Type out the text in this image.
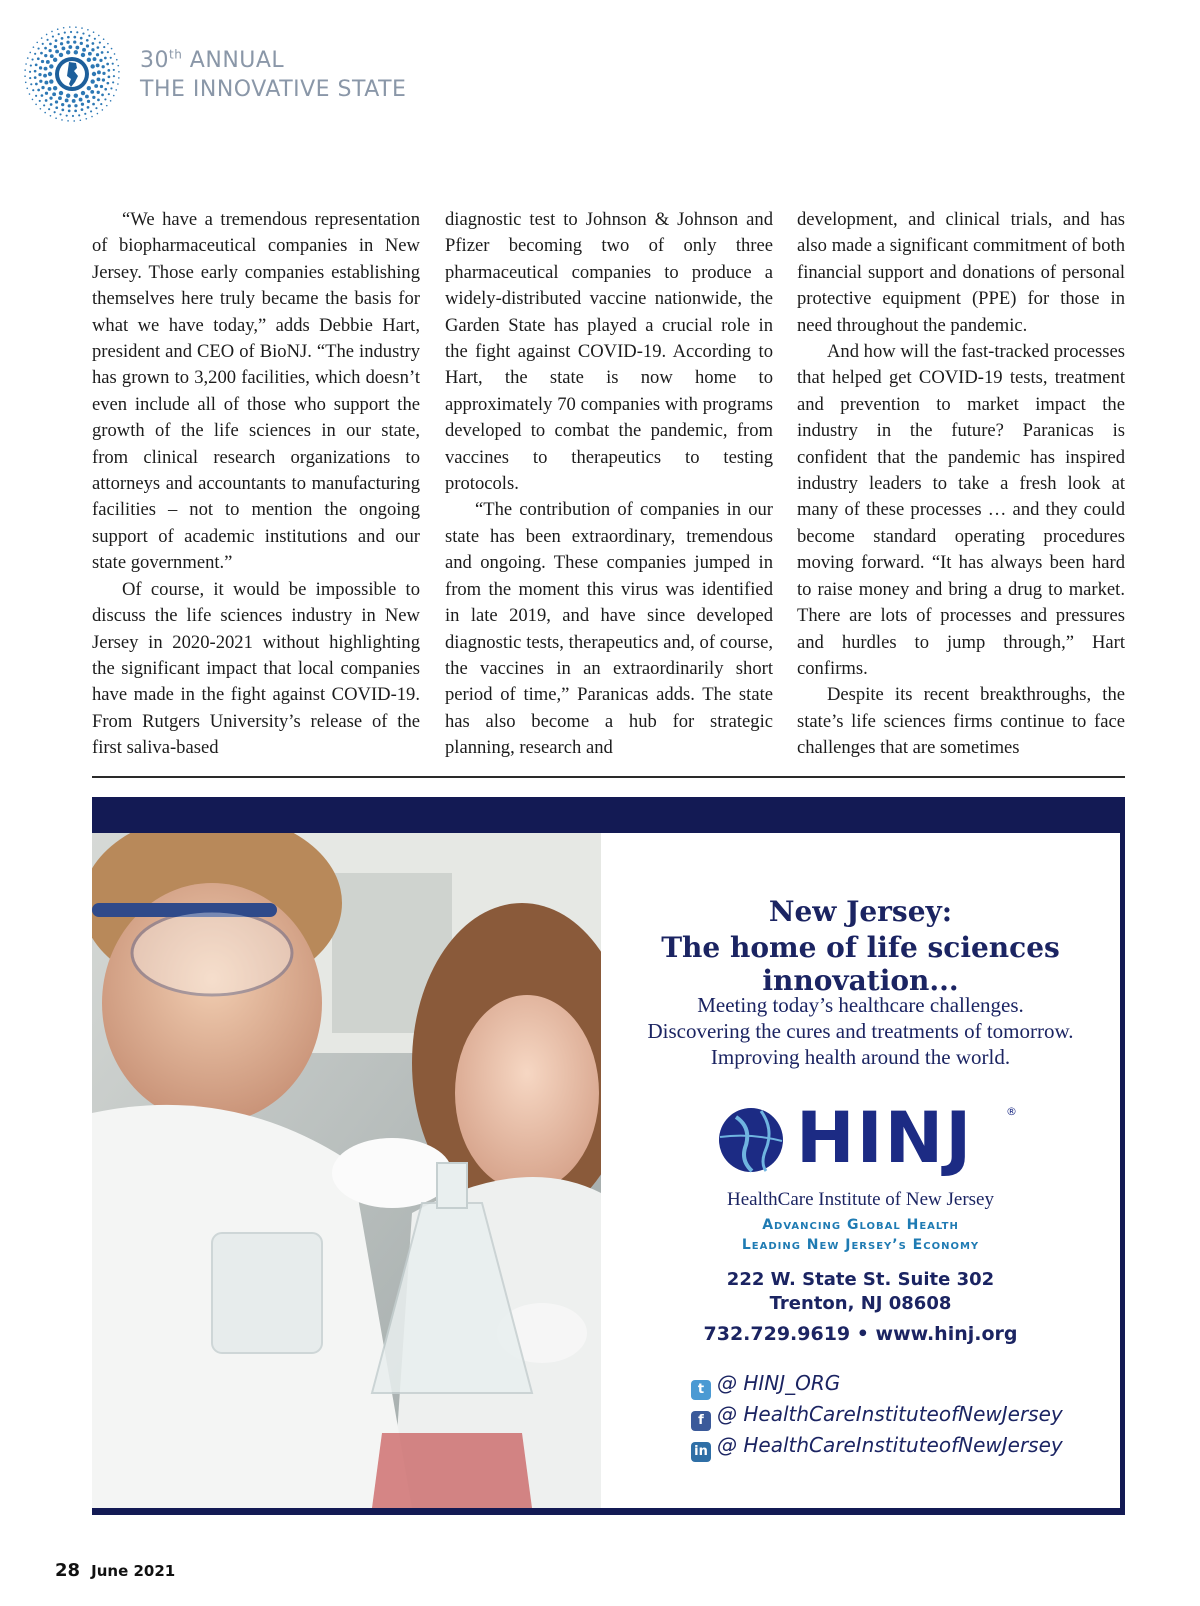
30th ANNUAL
THE INNOVATIVE STATE

“We have a tremendous representation of biopharmaceutical companies in New Jersey. Those early companies establishing themselves here truly became the basis for what we have today,” adds Debbie Hart, president and CEO of BioNJ. “The industry has grown to 3,200 facilities, which doesn’t even include all of those who support the growth of the life sciences in our state, from clinical research organizations to attorneys and accountants to manufacturing facilities – not to mention the ongoing support of academic institutions and our state government.”

Of course, it would be impossible to discuss the life sciences industry in New Jersey in 2020-2021 without highlighting the significant impact that local companies have made in the fight against COVID-19. From Rutgers University’s release of the first saliva-based

diagnostic test to Johnson & Johnson and Pfizer becoming two of only three pharmaceutical companies to produce a widely-distributed vaccine nationwide, the Garden State has played a crucial role in the fight against COVID-19. According to Hart, the state is now home to approximately 70 companies with programs developed to combat the pandemic, from vaccines to therapeutics to testing protocols.

“The contribution of companies in our state has been extraordinary, tremendous and ongoing. These companies jumped in from the moment this virus was identified in late 2019, and have since developed diagnostic tests, therapeutics and, of course, the vaccines in an extraordinarily short period of time,” Paranicas adds. The state has also become a hub for strategic planning, research and

development, and clinical trials, and has also made a significant commitment of both financial support and donations of personal protective equipment (PPE) for those in need throughout the pandemic.

And how will the fast-tracked processes that helped get COVID-19 tests, treatment and prevention to market impact the industry in the future? Paranicas is confident that the pandemic has inspired industry leaders to take a fresh look at many of these processes … and they could become standard operating procedures moving forward. “It has always been hard to raise money and bring a drug to market. There are lots of processes and pressures and hurdles to jump through,” Hart confirms.

Despite its recent breakthroughs, the state’s life sciences firms continue to face challenges that are sometimes

New Jersey:
The home of life sciences innovation...
Meeting today’s healthcare challenges.
Discovering the cures and treatments of tomorrow.
Improving health around the world.
HINJ	®
HealthCare Institute of New Jersey
Advancing Global Health
Leading New Jersey’s Economy
222 W. State St. Suite 302
Trenton, NJ 08608
732.729.9619 • www.hinj.org
t @ HINJ_ORG
f @ HealthCareInstituteofNewJersey
in @ HealthCareInstituteofNewJersey
28 June 2021
